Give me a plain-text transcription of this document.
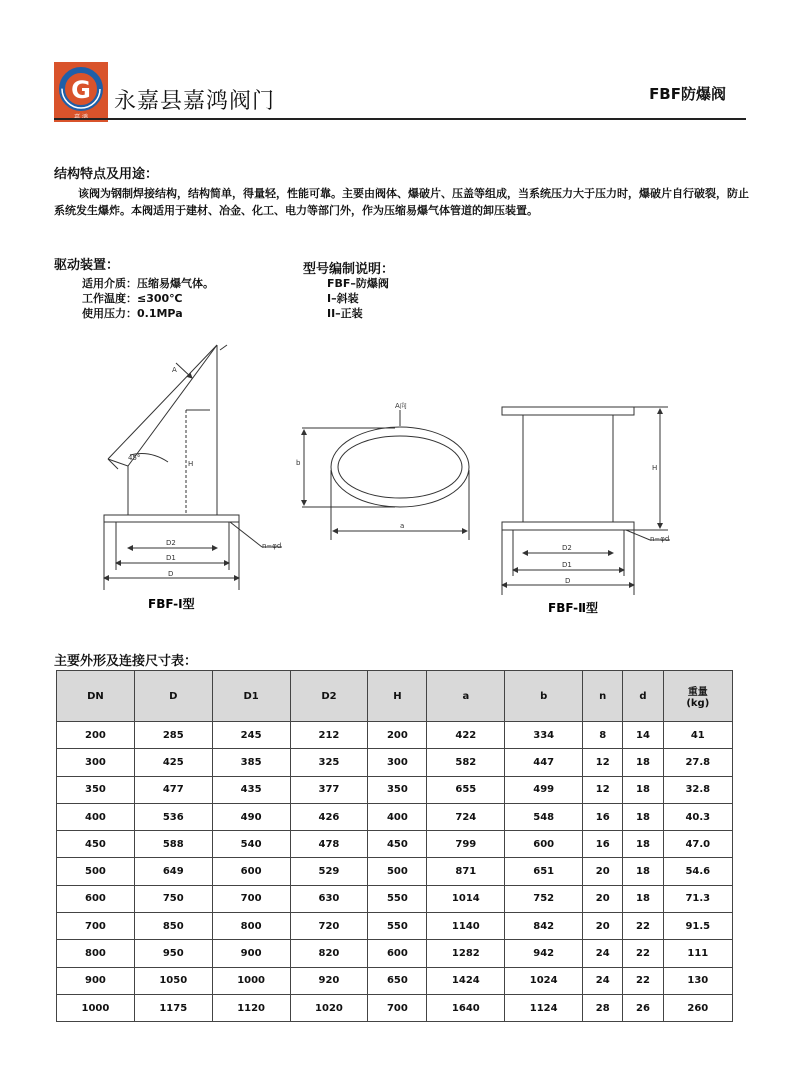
G 永嘉县嘉鸿阀门	FBF防爆阀
结构特点及用途：
该阀为钢制焊接结构，结构简单，得量轻，性能可靠。主要由阀体、爆破片、压盖等组成，当系统压力大于压力时，爆破片自行破裂，防止系统发生爆炸。本阀适用于建材、冶金、化工、电力等部门外，作为压缩易爆气体管道的卸压装置。
驱动装置：
适用介质：压缩易爆气体。
工作温度：≤300℃
使用压力：0.1MPa
型号编制说明：
FBF–防爆阀
I–斜装
II–正装
A
45°
H
D2
D1
D
n−φd
FBF-Ⅰ型
A向
b
a
H
D2
D1
D
n−φd
FBF-Ⅱ型
主要外形及连接尺寸表：
DN	D	D1	D2	H	a	b	n	d	重量
(kg)
200	285	245	212	200	422	334	8	14	41
300	425	385	325	300	582	447	12	18	27.8
350	477	435	377	350	655	499	12	18	32.8
400	536	490	426	400	724	548	16	18	40.3
450	588	540	478	450	799	600	16	18	47.0
500	649	600	529	500	871	651	20	18	54.6
600	750	700	630	550	1014	752	20	18	71.3
700	850	800	720	550	1140	842	20	22	91.5
800	950	900	820	600	1282	942	24	22	111
900	1050	1000	920	650	1424	1024	24	22	130
1000	1175	1120	1020	700	1640	1124	28	26	260
